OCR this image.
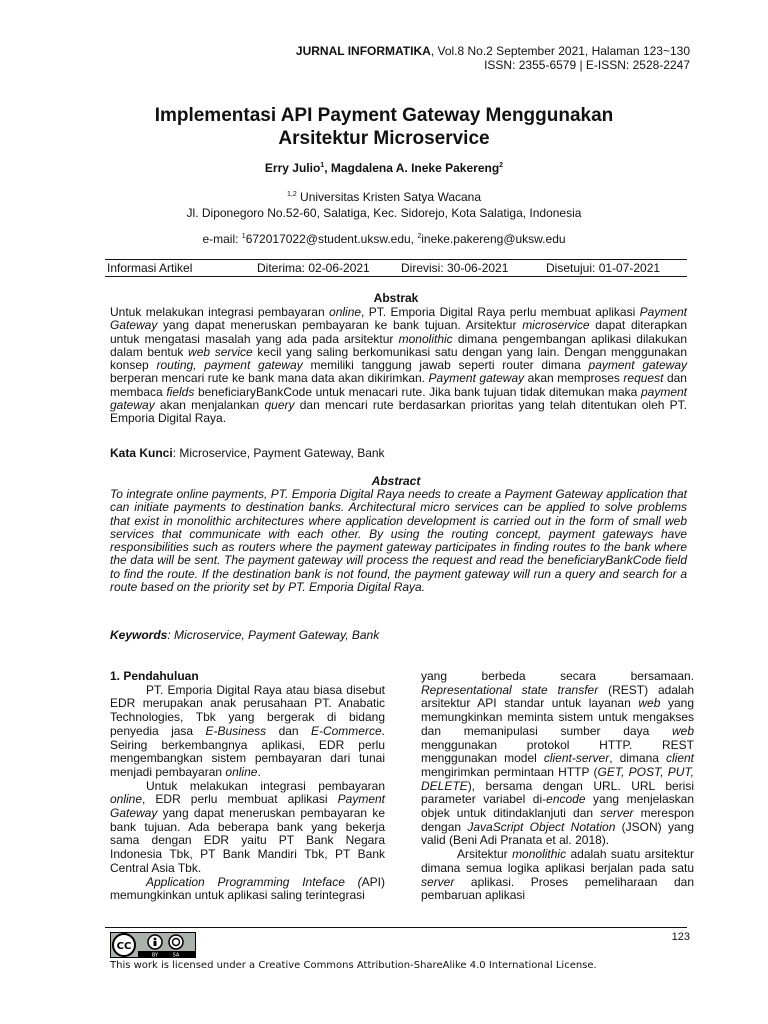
JURNAL INFORMATIKA, Vol.8 No.2 September 2021, Halaman 123~130
ISSN: 2355-6579 | E-ISSN: 2528-2247
Implementasi API Payment Gateway Menggunakan
Arsitektur Microservice
Erry Julio$^1$, Magdalena A. Ineke Pakereng$^2$
$^{1,2}$ Universitas Kristen Satya Wacana
Jl. Diponegoro No.52-60, Salatiga, Kec. Sidorejo, Kota Salatiga, Indonesia
e-mail: $^1$672017022@student.uksw.edu, $^2$ineke.pakereng@uksw.edu
Informasi Artikel	Diterima: 02-06-2021	Direvisi: 30-06-2021	Disetujui: 01-07-2021
Abstrak

Untuk melakukan integrasi pembayaran online, PT. Emporia Digital Raya perlu membuat aplikasi Payment Gateway yang dapat meneruskan pembayaran ke bank tujuan. Arsitektur microservice dapat diterapkan untuk mengatasi masalah yang ada pada arsitektur monolithic dimana pengembangan aplikasi dilakukan dalam bentuk web service kecil yang saling berkomunikasi satu dengan yang lain. Dengan menggunakan konsep routing, payment gateway memiliki tanggung jawab seperti router dimana payment gateway berperan mencari rute ke bank mana data akan dikirimkan. Payment gateway akan memproses request dan membaca fields beneficiaryBankCode untuk menacari rute. Jika bank tujuan tidak ditemukan maka payment gateway akan menjalankan query dan mencari rute berdasarkan prioritas yang telah ditentukan oleh PT. Emporia Digital Raya.

Kata Kunci: Microservice, Payment Gateway, Bank
Abstract

To integrate online payments, PT. Emporia Digital Raya needs to create a Payment Gateway application that can initiate payments to destination banks. Architectural micro services can be applied to solve problems that exist in monolithic architectures where application development is carried out in the form of small web services that communicate with each other. By using the routing concept, payment gateways have responsibilities such as routers where the payment gateway participates in finding routes to the bank where the data will be sent. The payment gateway will process the request and read the beneficiaryBankCode field to find the route. If the destination bank is not found, the payment gateway will run a query and search for a route based on the priority set by PT. Emporia Digital Raya.

Keywords: Microservice, Payment Gateway, Bank

1. Pendahuluan

PT. Emporia Digital Raya atau biasa disebut EDR merupakan anak perusahaan PT. Anabatic Technologies, Tbk yang bergerak di bidang penyedia jasa E-Business dan E-Commerce. Seiring berkembangnya aplikasi, EDR perlu mengembangkan sistem pembayaran dari tunai menjadi pembayaran online.

Untuk melakukan integrasi pembayaran online, EDR perlu membuat aplikasi Payment Gateway yang dapat meneruskan pembayaran ke bank tujuan. Ada beberapa bank yang bekerja sama dengan EDR yaitu PT Bank Negara Indonesia Tbk, PT Bank Mandiri Tbk, PT Bank Central Asia Tbk.

Application Programming Inteface (API) memungkinkan untuk aplikasi saling terintegrasi

yang berbeda secara bersamaan.

Representational state transfer (REST) adalah arsitektur API standar untuk layanan web yang memungkinkan meminta sistem untuk mengakses dan memanipulasi sumber daya web menggunakan protokol HTTP. REST menggunakan model client-server, dimana client mengirimkan permintaan HTTP (GET, POST, PUT, DELETE), bersama dengan URL. URL berisi parameter variabel di-encode yang menjelaskan objek untuk ditindaklanjuti dan server merespon dengan JavaScript Object Notation (JSON) yang valid (Beni Adi Pranata et al. 2018).

Arsitektur monolithic adalah suatu arsitektur dimana semua logika aplikasi berjalan pada satu server aplikasi. Proses pemeliharaan dan pembaruan aplikasi

123
CC
BY	SA
This work is licensed under a Creative Commons Attribution-ShareAlike 4.0 International License.
